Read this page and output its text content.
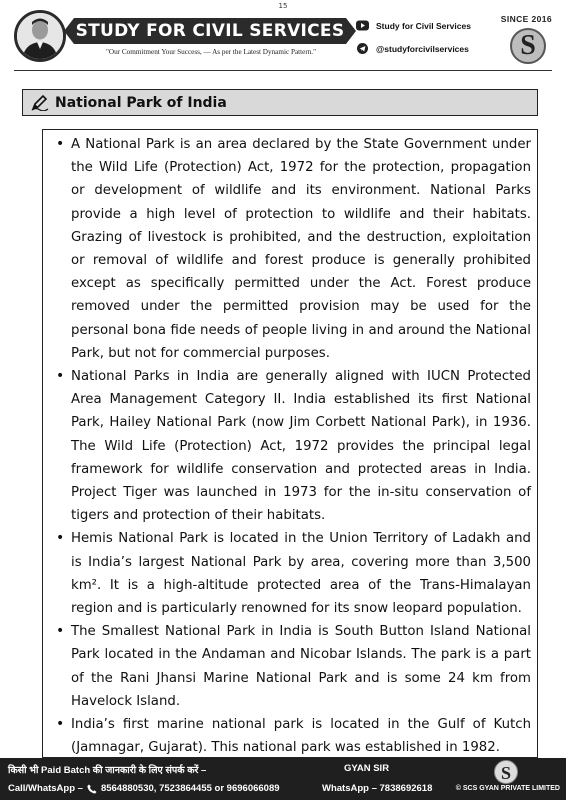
15
STUDY FOR CIVIL SERVICES
"Our Commitment Your Success, — As per the Latest Dynamic Pattern."
Study for Civil Services
@studyforcivilservices
SINCE 2016
S
National Park of India
• A National Park is an area declared by the State Government under the Wild Life (Protection) Act, 1972 for the protection, propagation or development of wildlife and its environment. National Parks provide a high level of protection to wildlife and their habitats. Grazing of livestock is prohibited, and the destruction, exploitation or removal of wildlife and forest produce is generally prohibited except as specifically permitted under the Act. Forest produce removed under the permitted provision may be used for the personal bona fide needs of people living in and around the National Park, but not for commercial purposes.
• National Parks in India are generally aligned with IUCN Protected Area Management Category II. India established its first National Park, Hailey National Park (now Jim Corbett National Park), in 1936. The Wild Life (Protection) Act, 1972 provides the principal legal framework for wildlife conservation and protected areas in India. Project Tiger was launched in 1973 for the in-situ conservation of tigers and protection of their habitats.
• Hemis National Park is located in the Union Territory of Ladakh and is India’s largest National Park by area, covering more than 3,500 km². It is a high-altitude protected area of the Trans-Himalayan region and is particularly renowned for its snow leopard population.
• The Smallest National Park in India is South Button Island National Park located in the Andaman and Nicobar Islands. The park is a part of the Rani Jhansi Marine National Park and is some 24 km from Havelock Island.
• India’s first marine national park is located in the Gulf of Kutch (Jamnagar, Gujarat). This national park was established in 1982.
किसी भी Paid Batch की जानकारी के लिए संपर्क करें –
Call/WhatsApp – 8564880530, 7523864455 or 9696066089
GYAN SIR
WhatsApp – 7838692618
S
© SCS GYAN PRIVATE LIMITED
